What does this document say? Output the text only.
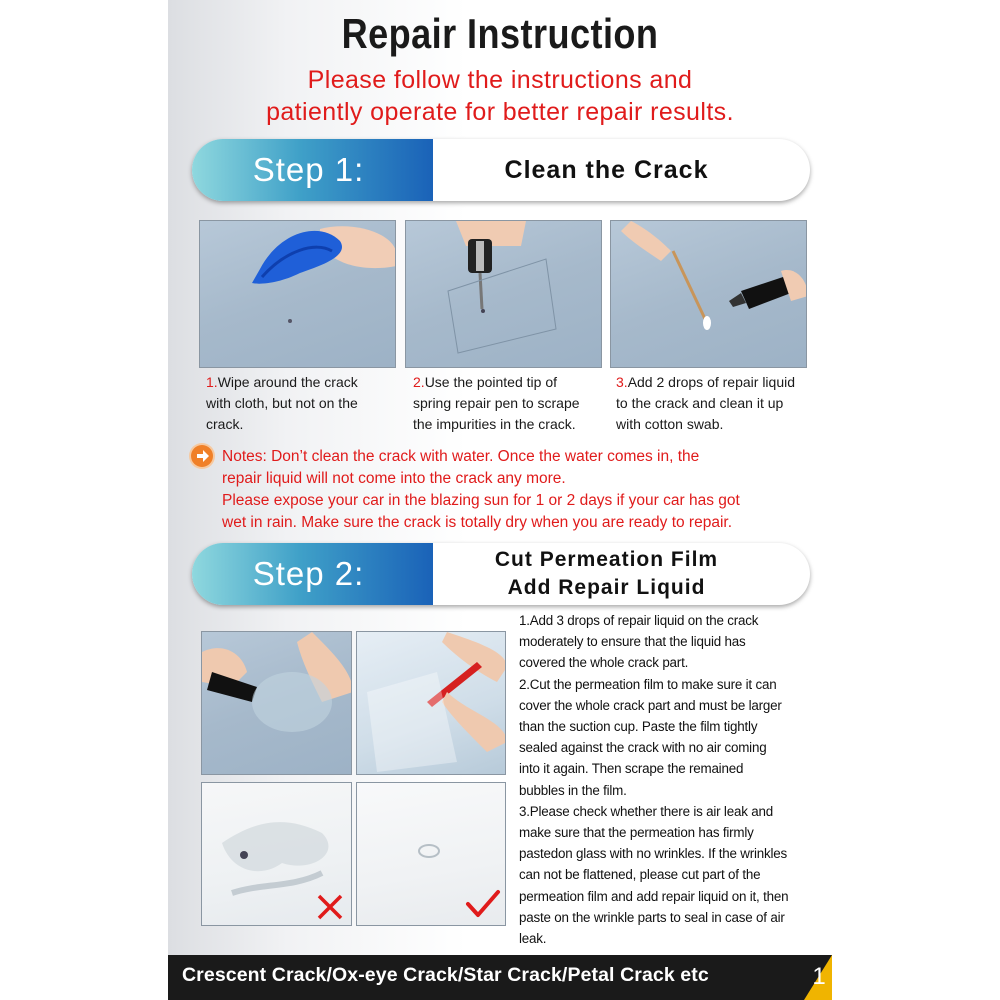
Repair Instruction
Please follow the instructions and
patiently operate for better repair results.
Step 1:	Clean the Crack
1.Wipe around the crack
with cloth, but not on the
crack.
2.Use the pointed tip of
spring repair pen to scrape
the impurities in the crack.
3.Add 2 drops of repair liquid
to the crack and clean it up
with cotton swab.
Notes: Don’t clean the crack with water. Once the water comes in, the
repair liquid will not come into the crack any more.
Please expose your car in the blazing sun for 1 or 2 days if your car has got
wet in rain. Make sure the crack is totally dry when you are ready to repair.
Step 2:	Cut Permeation Film
Add Repair Liquid

1.Add 3 drops of repair liquid on the crack

moderately to ensure that the liquid has

covered the whole crack part.

2.Cut the permeation film to make sure it can

cover the whole crack part and must be larger

than the suction cup. Paste the film tightly

sealed against the crack with no air coming

into it again. Then scrape the remained

bubbles in the film.

3.Please check whether there is air leak and

make sure that the permeation has firmly

pastedon glass with no wrinkles. If the wrinkles

can not be flattened, please cut part of the

permeation film and add repair liquid on it, then

paste on the wrinkle parts to seal in case of air

leak.

Crescent Crack/Ox-eye Crack/Star Crack/Petal Crack etc	1
